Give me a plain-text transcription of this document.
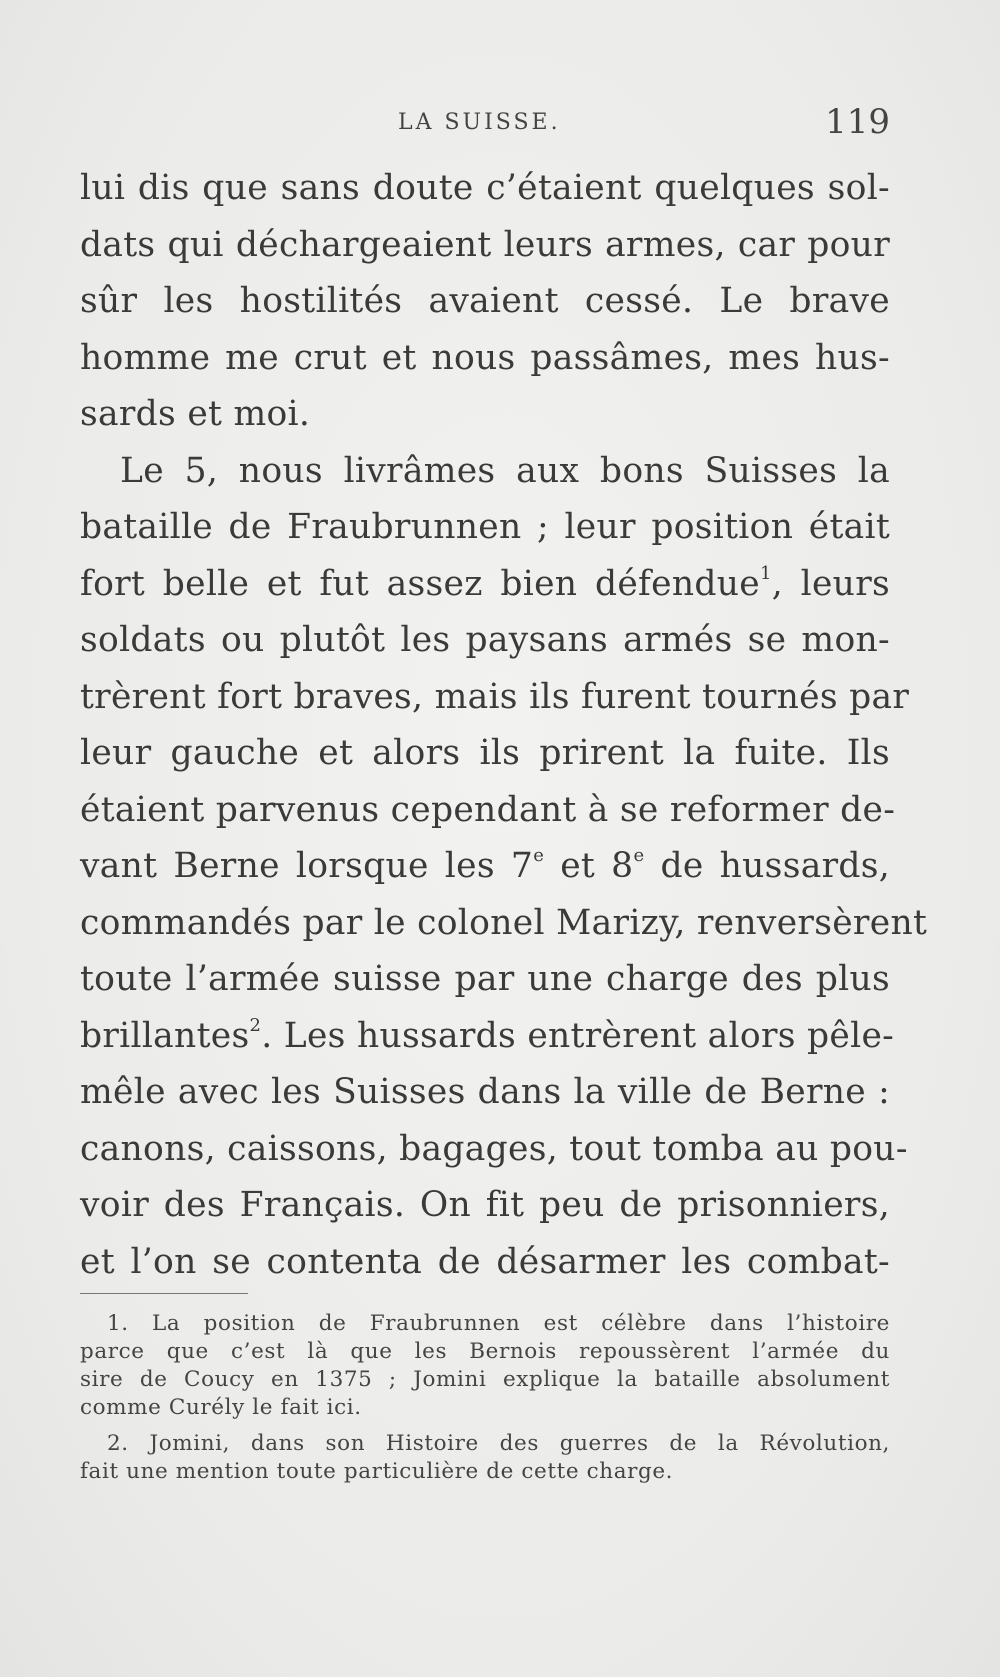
LA SUISSE.	119
lui dis que sans doute c’étaient quelques sol-
dats qui déchargeaient leurs armes, car pour
sûr les hostilités avaient cessé. Le brave
homme me crut et nous passâmes, mes hus-
sards et moi.
Le 5, nous livrâmes aux bons Suisses la
bataille de Fraubrunnen ; leur position était
fort belle et fut assez bien défendue$^1$, leurs
soldats ou plutôt les paysans armés se mon-
trèrent fort braves, mais ils furent tournés par
leur gauche et alors ils prirent la fuite. Ils
étaient parvenus cependant à se reformer de-
vant Berne lorsque les 7e et 8e de hussards,
commandés par le colonel Marizy, renversèrent
toute l’armée suisse par une charge des plus
brillantes$^2$. Les hussards entrèrent alors pêle-
mêle avec les Suisses dans la ville de Berne :
canons, caissons, bagages, tout tomba au pou-
voir des Français. On fit peu de prisonniers,
et l’on se contenta de désarmer les combat-
1. La position de Fraubrunnen est célèbre dans l’histoire
parce que c’est là que les Bernois repoussèrent l’armée du
sire de Coucy en 1375 ; Jomini explique la bataille absolument
comme Curély le fait ici.
2. Jomini, dans son Histoire des guerres de la Révolution,
fait une mention toute particulière de cette charge.
